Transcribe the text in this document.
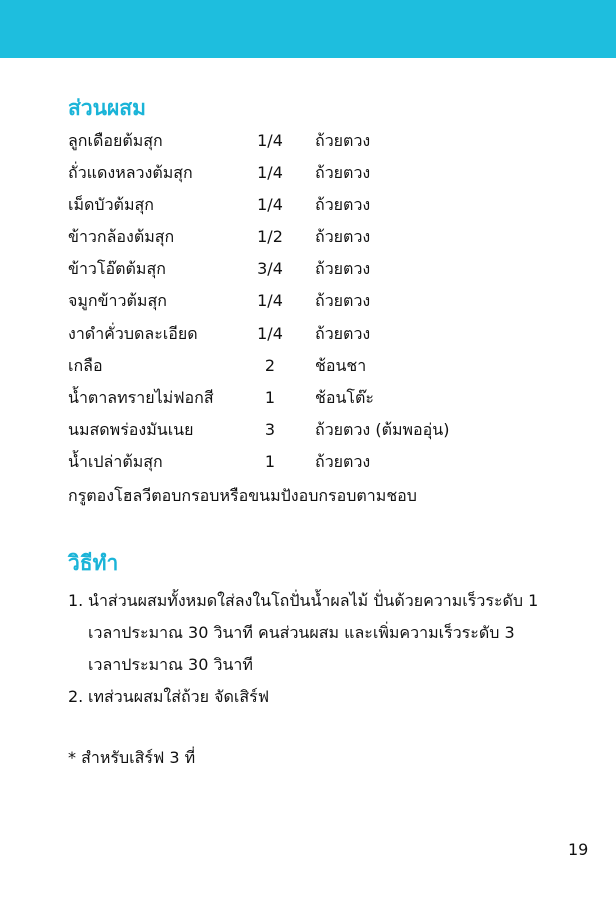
ส่วนผสม
ลูกเดือยต้มสุก	1/4	ถ้วยตวง
ถั่วแดงหลวงต้มสุก	1/4	ถ้วยตวง
เม็ดบัวต้มสุก	1/4	ถ้วยตวง
ข้าวกล้องต้มสุก	1/2	ถ้วยตวง
ข้าวโอ๊ตต้มสุก	3/4	ถ้วยตวง
จมูกข้าวต้มสุก	1/4	ถ้วยตวง
งาดำคั่วบดละเอียด	1/4	ถ้วยตวง
เกลือ	2	ช้อนชา
น้ำตาลทรายไม่ฟอกสี	1	ช้อนโต๊ะ
นมสดพร่องมันเนย	3	ถ้วยตวง (ต้มพออุ่น)
น้ำเปล่าต้มสุก	1	ถ้วยตวง
กรูตองโฮลวีตอบกรอบหรือขนมปังอบกรอบตามชอบ
วิธีทำ
1. นำส่วนผสมทั้งหมดใส่ลงในโถปั่นน้ำผลไม้ ปั่นด้วยความเร็วระดับ 1
เวลาประมาณ 30 วินาที คนส่วนผสม และเพิ่มความเร็วระดับ 3
เวลาประมาณ 30 วินาที
2. เทส่วนผสมใส่ถ้วย จัดเสิร์ฟ
* สำหรับเสิร์ฟ 3 ที่
19
